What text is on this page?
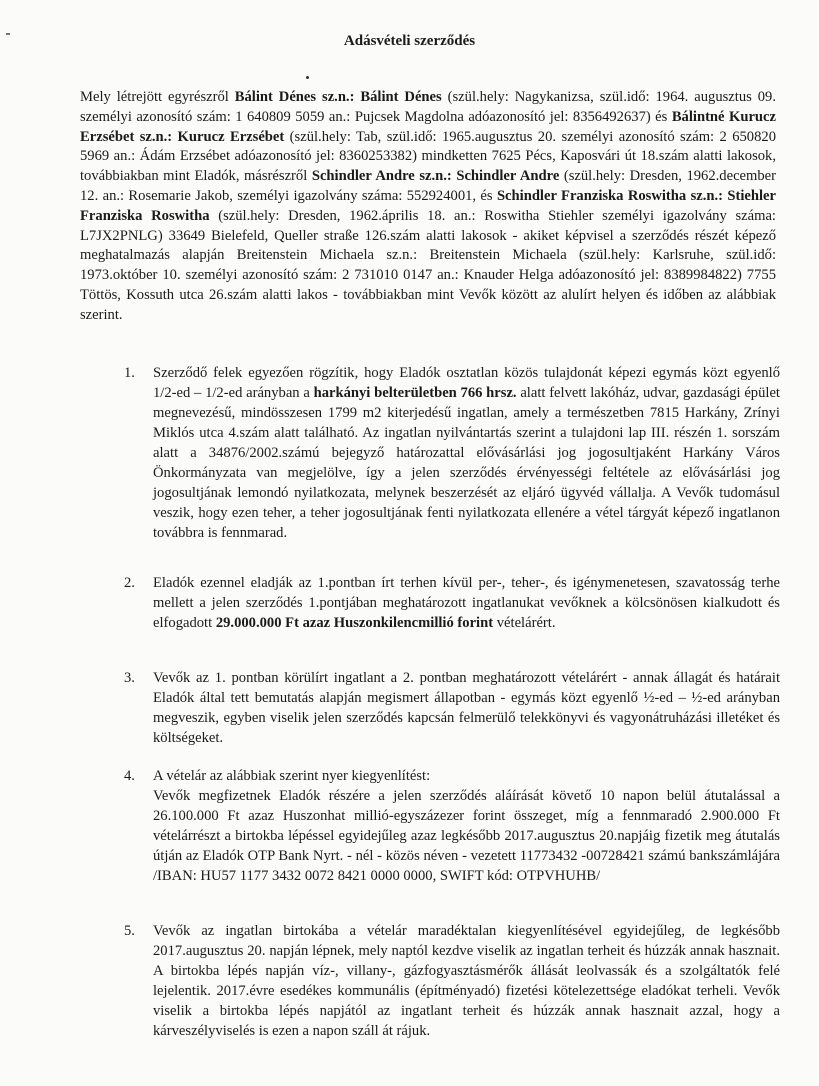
Adásvételi szerződés
Mely létrejött egyrészről Bálint Dénes sz.n.: Bálint Dénes (szül.hely: Nagykanizsa, szül.idő: 1964. augusztus 09. személyi azonosító szám: 1 640809 5059 an.: Pujcsek Magdolna adóazonosító jel: 8356492637) és Bálintné Kurucz Erzsébet sz.n.: Kurucz Erzsébet (szül.hely: Tab, szül.idő: 1965.augusztus 20. személyi azonosító szám: 2 650820 5969 an.: Ádám Erzsébet adóazonosító jel: 8360253382) mindketten 7625 Pécs, Kaposvári út 18.szám alatti lakosok, továbbiakban mint Eladók, másrészről Schindler Andre sz.n.: Schindler Andre (szül.hely: Dresden, 1962.december 12. an.: Rosemarie Jakob, személyi igazolvány száma: 552924001, és Schindler Franziska Roswitha sz.n.: Stiehler Franziska Roswitha (szül.hely: Dresden, 1962.április 18. an.: Roswitha Stiehler személyi igazolvány száma: L7JX2PNLG) 33649 Bielefeld, Queller straße 126.szám alatti lakosok - akiket képvisel a szerződés részét képező meghatalmazás alapján Breitenstein Michaela sz.n.: Breitenstein Michaela (szül.hely: Karlsruhe, szül.idő: 1973.október 10. személyi azonosító szám: 2 731010 0147 an.: Knauder Helga adóazonosító jel: 8389984822) 7755 Töttös, Kossuth utca 26.szám alatti lakos - továbbiakban mint Vevők között az alulírt helyen és időben az alábbiak szerint.
1. Szerződő felek egyezően rögzítik, hogy Eladók osztatlan közös tulajdonát képezi egymás közt egyenlő 1/2-ed – 1/2-ed arányban a harkányi belterületben 766 hrsz. alatt felvett lakóház, udvar, gazdasági épület megnevezésű, mindösszesen 1799 m2 kiterjedésű ingatlan, amely a természetben 7815 Harkány, Zrínyi Miklós utca 4.szám alatt található. Az ingatlan nyilvántartás szerint a tulajdoni lap III. részén 1. sorszám alatt a 34876/2002.számú bejegyző határozattal elővásárlási jog jogosultjaként Harkány Város Önkormányzata van megjelölve, így a jelen szerződés érvényességi feltétele az elővásárlási jog jogosultjának lemondó nyilatkozata, melynek beszerzését az eljáró ügyvéd vállalja. A Vevők tudomásul veszik, hogy ezen teher, a teher jogosultjának fenti nyilatkozata ellenére a vétel tárgyát képező ingatlanon továbbra is fennmarad.
2. Eladók ezennel eladják az 1.pontban írt terhen kívül per-, teher-, és igénymenetesen, szavatosság terhe mellett a jelen szerződés 1.pontjában meghatározott ingatlanukat vevőknek a kölcsönösen kialkudott és elfogadott 29.000.000 Ft azaz Huszonkilencmillió forint vételárért.
3. Vevők az 1. pontban körülírt ingatlant a 2. pontban meghatározott vételárért - annak állagát és határait Eladók által tett bemutatás alapján megismert állapotban - egymás közt egyenlő ½-ed – ½-ed arányban megveszik, egyben viselik jelen szerződés kapcsán felmerülő telekkönyvi és vagyonátruházási illetéket és költségeket.
4. A vételár az alábbiak szerint nyer kiegyenlítést:
Vevők megfizetnek Eladók részére a jelen szerződés aláírását követő 10 napon belül átutalással a 26.100.000 Ft azaz Huszonhat millió-egyszázezer forint összeget, míg a fennmaradó 2.900.000 Ft vételárrészt a birtokba lépéssel egyidejűleg azaz legkésőbb 2017.augusztus 20.napjáig fizetik meg átutalás útján az Eladók OTP Bank Nyrt. - nél - közös néven - vezetett 11773432 -00728421 számú bankszámlájára /IBAN: HU57 1177 3432 0072 8421 0000 0000, SWIFT kód: OTPVHUHB/
5. Vevők az ingatlan birtokába a vételár maradéktalan kiegyenlítésével egyidejűleg, de legkésőbb 2017.augusztus 20. napján lépnek, mely naptól kezdve viselik az ingatlan terheit és húzzák annak hasznait. A birtokba lépés napján víz-, villany-, gázfogyasztásmérők állását leolvassák és a szolgáltatók felé lejelentik. 2017.évre esedékes kommunális (építményadó) fizetési kötelezettsége eladókat terheli. Vevők viselik a birtokba lépés napjától az ingatlant terheit és húzzák annak hasznait azzal, hogy a kárveszélyviselés is ezen a napon száll át rájuk.
